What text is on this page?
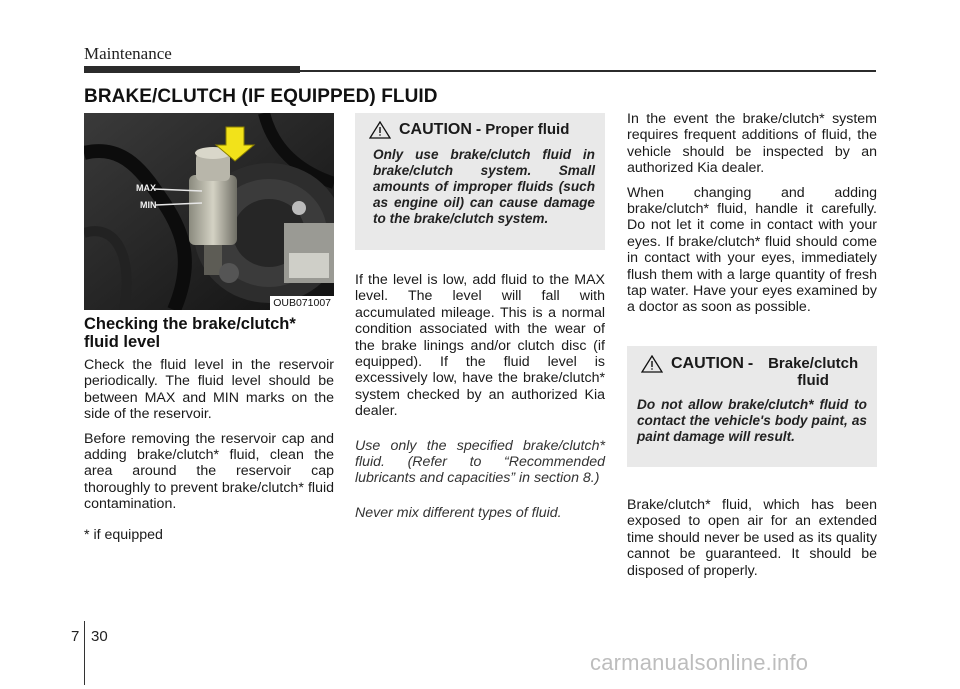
Maintenance
BRAKE/CLUTCH (IF EQUIPPED) FLUID
MAX
MIN
OUB071007
Checking the brake/clutch* fluid level

Check the fluid level in the reservoir periodically. The fluid level should be between MAX and MIN marks on the side of the reservoir.

Before removing the reservoir cap and adding brake/clutch* fluid, clean the area around the reservoir cap thoroughly to prevent brake/clutch* fluid contamination.

* if equipped

CAUTION - Proper fluid
Only use brake/clutch fluid in brake/clutch system. Small amounts of improper fluids (such as engine oil) can cause damage to the brake/clutch system.

If the level is low, add fluid to the MAX level. The level will fall with accumulated mileage. This is a normal condition associated with the wear of the brake linings and/or clutch disc (if equipped). If the fluid level is excessively low, have the brake/clutch* system checked by an authorized Kia dealer.

Use only the specified brake/clutch* fluid. (Refer to “Recommended lubricants and capacities” in section 8.)

Never mix different types of fluid.

In the event the brake/clutch* system requires frequent additions of fluid, the vehicle should be inspected by an authorized Kia dealer.

When changing and adding brake/clutch* fluid, handle it carefully. Do not let it come in contact with your eyes. If brake/clutch* fluid should come in contact with your eyes, immediately flush them with a large quantity of fresh tap water. Have your eyes examined by a doctor as soon as possible.

CAUTION - Brake/clutch fluid
Do not allow brake/clutch* fluid to contact the vehicle's body paint, as paint damage will result.

Brake/clutch* fluid, which has been exposed to open air for an extended time should never be used as its quality cannot be guaranteed. It should be disposed of properly.

7 30
carmanualsonline.info
